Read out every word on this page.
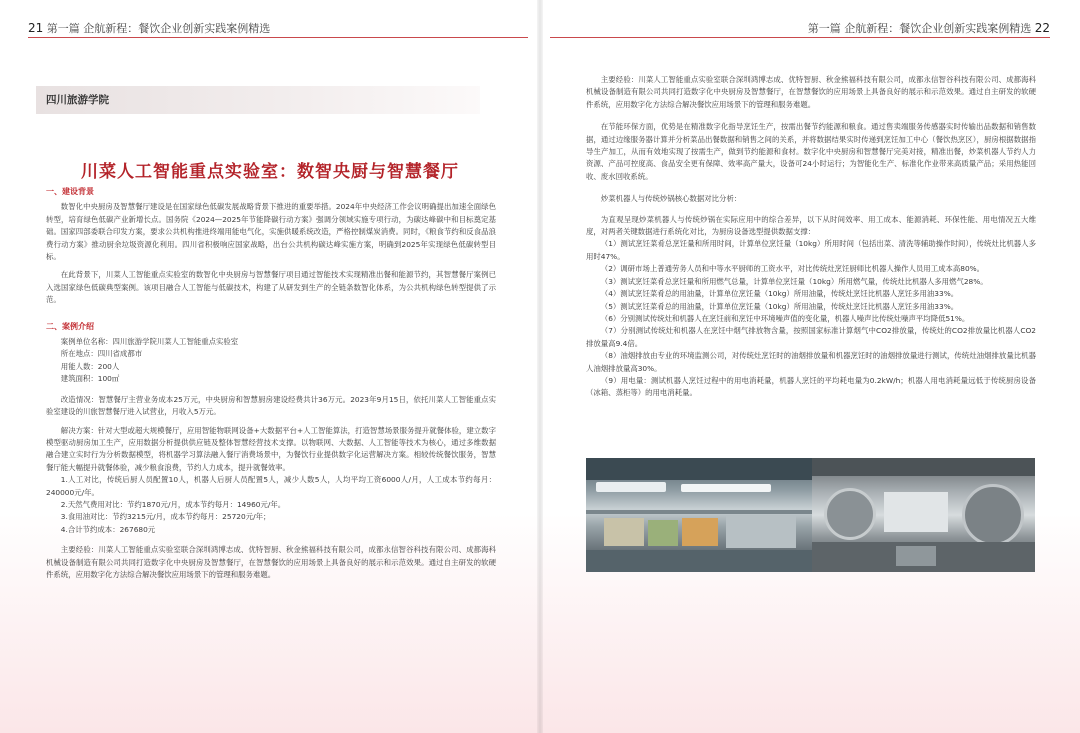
21 第一篇 企航新程：餐饮企业创新实践案例精选
四川旅游学院
川菜人工智能重点实验室：数智央厨与智慧餐厅
一、建设背景

数智化中央厨房及智慧餐厅建设是在国家绿色低碳发展战略背景下推进的重要举措。2024年中央经济工作会议明确提出加速全面绿色转型，培育绿色低碳产业新增长点。国务院《2024—2025年节能降碳行动方案》强调分领域实施专项行动，为碳达峰碳中和目标奠定基础。国家四部委联合印发方案，要求公共机构推进终端用能电气化，实施供暖系统改造，严格控制煤炭消费。同时，《粮食节约和反食品浪费行动方案》推动厨余垃圾资源化利用。四川省积极响应国家战略，出台公共机构碳达峰实施方案，明确到2025年实现绿色低碳转型目标。

在此背景下，川菜人工智能重点实验室的数智化中央厨房与智慧餐厅项目通过智能技术实现精准出餐和能源节约，其智慧餐厅案例已入选国家绿色低碳典型案例。该项目融合人工智能与低碳技术，构建了从研发到生产的全链条数智化体系，为公共机构绿色转型提供了示范。

二、案例介绍

案例单位名称：四川旅游学院川菜人工智能重点实验室

所在地点：四川省成都市

用能人数：200人

建筑面积：100㎡

改造情况：智慧餐厅主营业务成本25万元，中央厨房和智慧厨房建设经费共计36万元。2023年9月15日，依托川菜人工智能重点实验室建设的川旅智慧餐厅进入试营业，月收入5万元。

解决方案：针对大型或超大规模餐厅，应用智能物联网设备+大数据平台+人工智能算法，打造智慧场景服务提升就餐体验，建立数字模型驱动厨房加工生产，应用数据分析提供供应链及整体智慧经营技术支撑。以物联网、大数据、人工智能等技术为核心，通过多维数据融合建立实时行为分析数据模型，将机器学习算法融入餐厅消费场景中，为餐饮行业提供数字化运营解决方案。相较传统餐饮服务，智慧餐厅能大幅提升就餐体验，减少粮食浪费，节约人力成本，提升就餐效率。

1.人工对比，传统后厨人员配置10人，机器人后厨人员配置5人，减少人数5人，人均平均工资6000人/月，人工成本节约每月：240000元/年。

2.天然气费用对比：节约1870元/月，成本节约每月：14960元/年。

3.食用油对比：节约3215元/月，成本节约每月：25720元/年；

4.合计节约成本：267680元

主要经验：川菜人工智能重点实验室联合深圳鸿博志成、优特智厨、秋金熊福科技有限公司，成都永信智谷科技有限公司、成都海科机械设备制造有限公司共同打造数字化中央厨房及智慧餐厅，在智慧餐饮的应用场景上具备良好的展示和示范效果。通过自主研发的软硬件系统，应用数字化方法综合解决餐饮应用场景下的管理和服务难题。

第一篇 企航新程：餐饮企业创新实践案例精选 22

主要经验：川菜人工智能重点实验室联合深圳鸿博志成、优特智厨、秋金熊福科技有限公司，成都永信智谷科技有限公司、成都海科机械设备制造有限公司共同打造数字化中央厨房及智慧餐厅，在智慧餐饮的应用场景上具备良好的展示和示范效果。通过自主研发的软硬件系统，应用数字化方法综合解决餐饮应用场景下的管理和服务难题。

在节能环保方面，优势是在精准数字化指导烹饪生产，按需出餐节约能源和粮食。通过售卖端服务传感器实时传输出品数据和销售数据，通过边缘服务器计算并分析菜品出餐数据和销售之间的关系，并将数据结果实时传递到烹饪加工中心（餐饮热烹区），厨房根据数据指导生产加工，从而有效地实现了按需生产，做到节约能源和食材。数字化中央厨房和智慧餐厅完美对接，精准出餐，炒菜机器人节约人力资源、产品可控度高、食品安全更有保障、效率高产量大，设备可24小时运行；为智能化生产、标准化作业带来高质量产品；采用热能回收、废水回收系统。

炒菜机器人与传统炒锅核心数据对比分析：

为直观呈现炒菜机器人与传统炒锅在实际应用中的综合差异，以下从时间效率、用工成本、能源消耗、环保性能、用电情况五大维度，对两者关键数据进行系统化对比，为厨房设备选型提供数据支撑：

（1）测试烹饪菜肴总烹饪量和所用时间，计算单位烹饪量（10kg）所用时间（包括出菜、清洗等辅助操作时间），传统灶比机器人多用时47%。

（2）调研市场上普通劳务人员和中等水平厨师的工资水平，对比传统灶烹饪厨师比机器人操作人员用工成本高80%。

（3）测试烹饪菜肴总烹饪量和所用燃气总量，计算单位烹饪量（10kg）所用燃气量，传统灶比机器人多用燃气28%。

（4）测试烹饪菜肴总的用油量，计算单位烹饪量（10kg）所用油量，传统灶烹饪比机器人烹饪多用油33%。

（5）测试烹饪菜肴总的用油量，计算单位烹饪量（10kg）所用油量，传统灶烹饪比机器人烹饪多用油33%。

（6）分别测试传统灶和机器人在烹饪前和烹饪中环境噪声值的变化量，机器人噪声比传统灶噪声平均降低51%。

（7）分别测试传统灶和机器人在烹饪中烟气排放物含量，按照国家标准计算烟气中CO2排放量，传统灶的CO2排放量比机器人CO2排放量高9.4倍。

（8）油烟排放由专业的环境监测公司，对传统灶烹饪时的油烟排放量和机器烹饪时的油烟排放量进行测试，传统灶油烟排放量比机器人油烟排放量高30%。

（9）用电量：测试机器人烹饪过程中的用电消耗量，机器人烹饪的平均耗电量为0.2kW/h；机器人用电消耗量远低于传统厨房设备（冰箱、蒸柜等）的用电消耗量。
